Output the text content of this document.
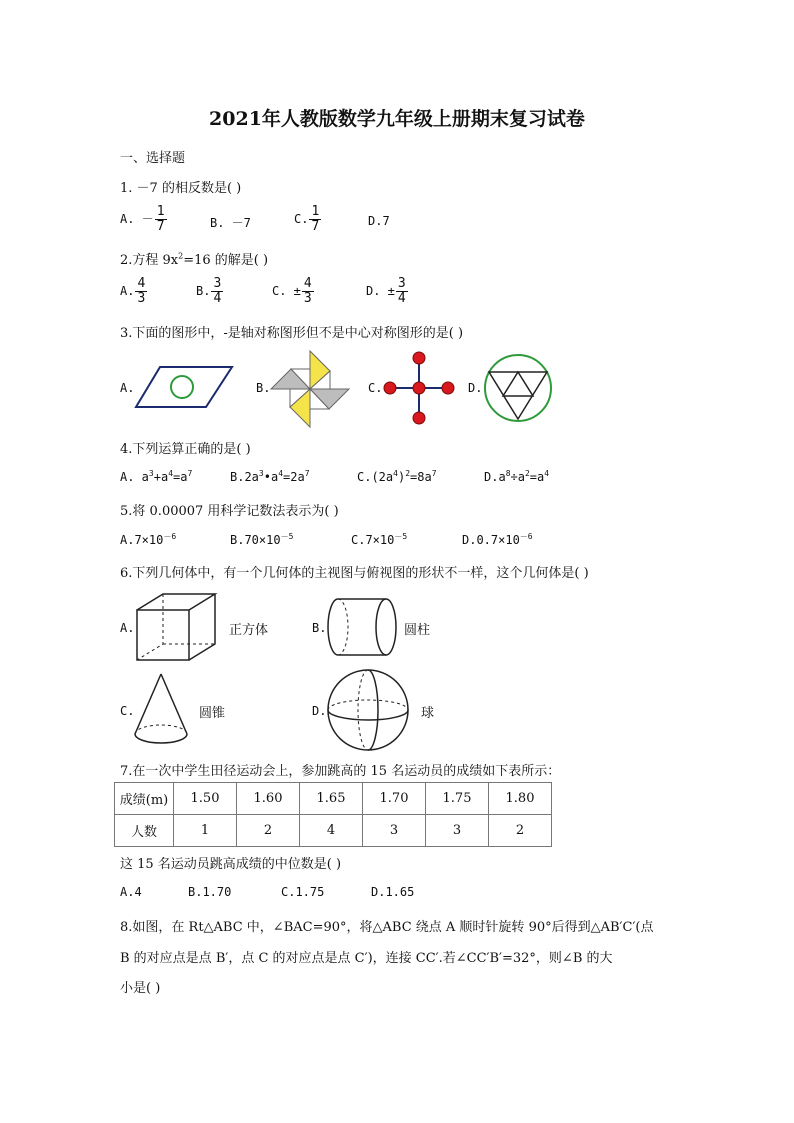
2021年人教版数学九年级上册期末复习试卷
一、选择题
1. －7 的相反数是( )
A. － $\frac{1}{7}$	B. －7	C. $\frac{1}{7}$	D.7
2.方程 $9x^2=16$ 的解是( )
A. $\frac{4}{3}$	B. $\frac{3}{4}$	C. ± $\frac{4}{3}$	D. ± $\frac{3}{4}$
3.下面的图形中，-是轴对称图形但不是中心对称图形的是( )
A.	B.	C.	D.
4.下列运算正确的是( )
A. $a^3+a^4=a^7$	$B.2a^3•a^4=2a^7$	$C.(2a^4)^2=8a^7$	$D.a^8\div a^2=a^4$
5.将 0.00007 用科学记数法表示为( )
$A.7\times 10^{-6}$	$B.70\times 10^{-5}$	$C.7\times 10^{-5}$	$D.0.7\times 10^{-6}$
6.下列几何体中，有一个几何体的主视图与俯视图的形状不一样，这个几何体是( )
A.	正方体	B.	圆柱
C.	圆锥	D.	球
7.在一次中学生田径运动会上，参加跳高的 15 名运动员的成绩如下表所示：
成绩(m)	1.50	1.60	1.65	1.70	1.75	1.80
人数	1	2	4	3	3	2
这 15 名运动员跳高成绩的中位数是( )
A.4	B.1.70	C.1.75	D.1.65
8.如图，在 Rt△ABC 中，∠BAC=90°，将△ABC 绕点 A 顺时针旋转 90°后得到△AB′C′(点
B 的对应点是点 B′，点 C 的对应点是点 C′)，连接 CC′.若∠CC′B′=32°，则∠B 的大
小是( )
